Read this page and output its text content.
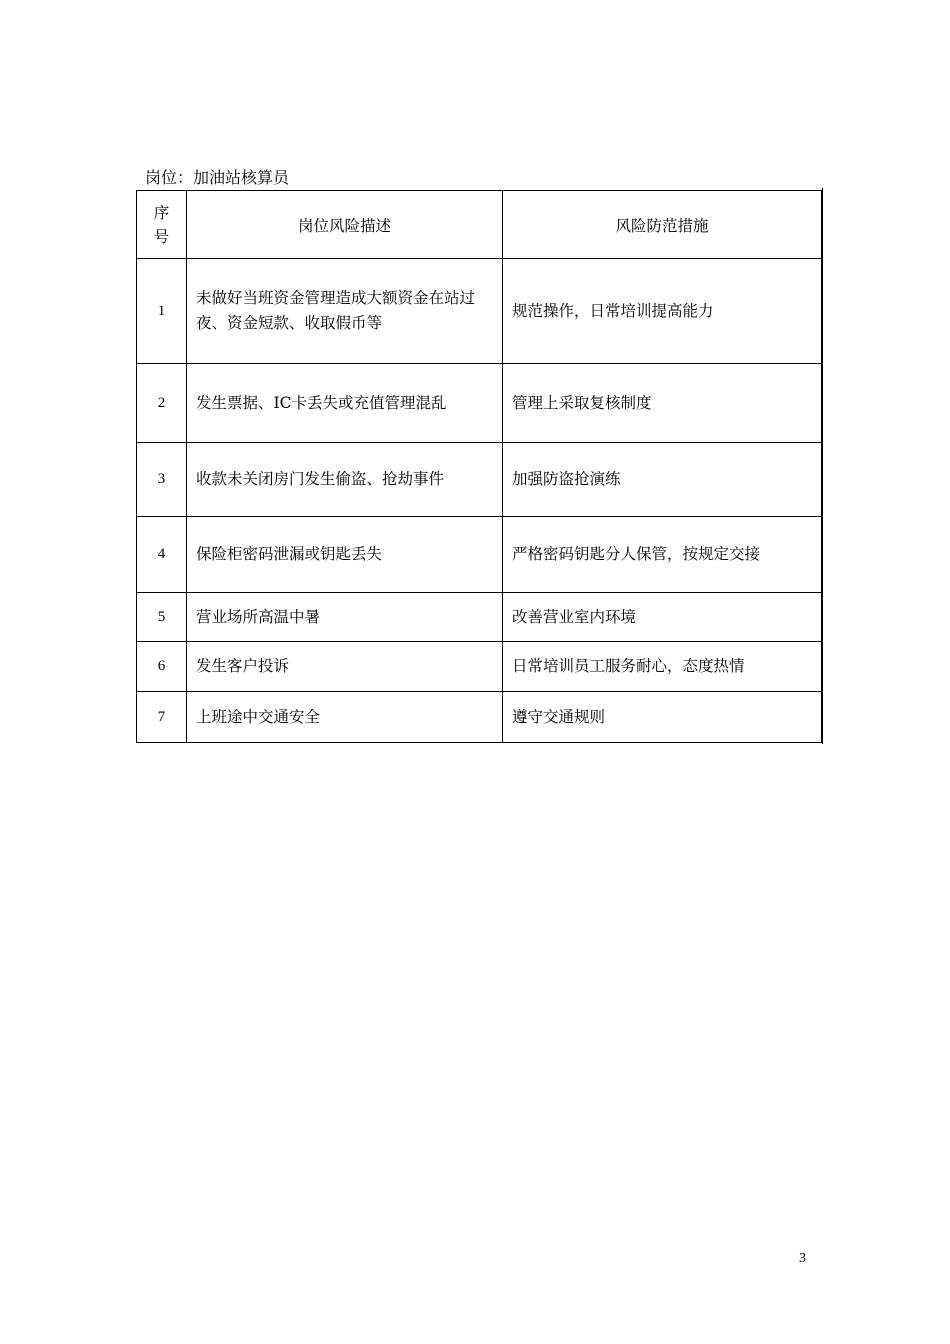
岗位：加油站核算员
序
号	岗位风险描述	风险防范措施
1	未做好当班资金管理造成大额资金在站过夜、资金短款、收取假币等	规范操作，日常培训提高能力
2	发生票据、IC卡丢失或充值管理混乱	管理上采取复核制度
3	收款未关闭房门发生偷盗、抢劫事件	加强防盗抢演练
4	保险柜密码泄漏或钥匙丢失	严格密码钥匙分人保管，按规定交接
5	营业场所高温中暑	改善营业室内环境
6	发生客户投诉	日常培训员工服务耐心，态度热情
7	上班途中交通安全	遵守交通规则
3
